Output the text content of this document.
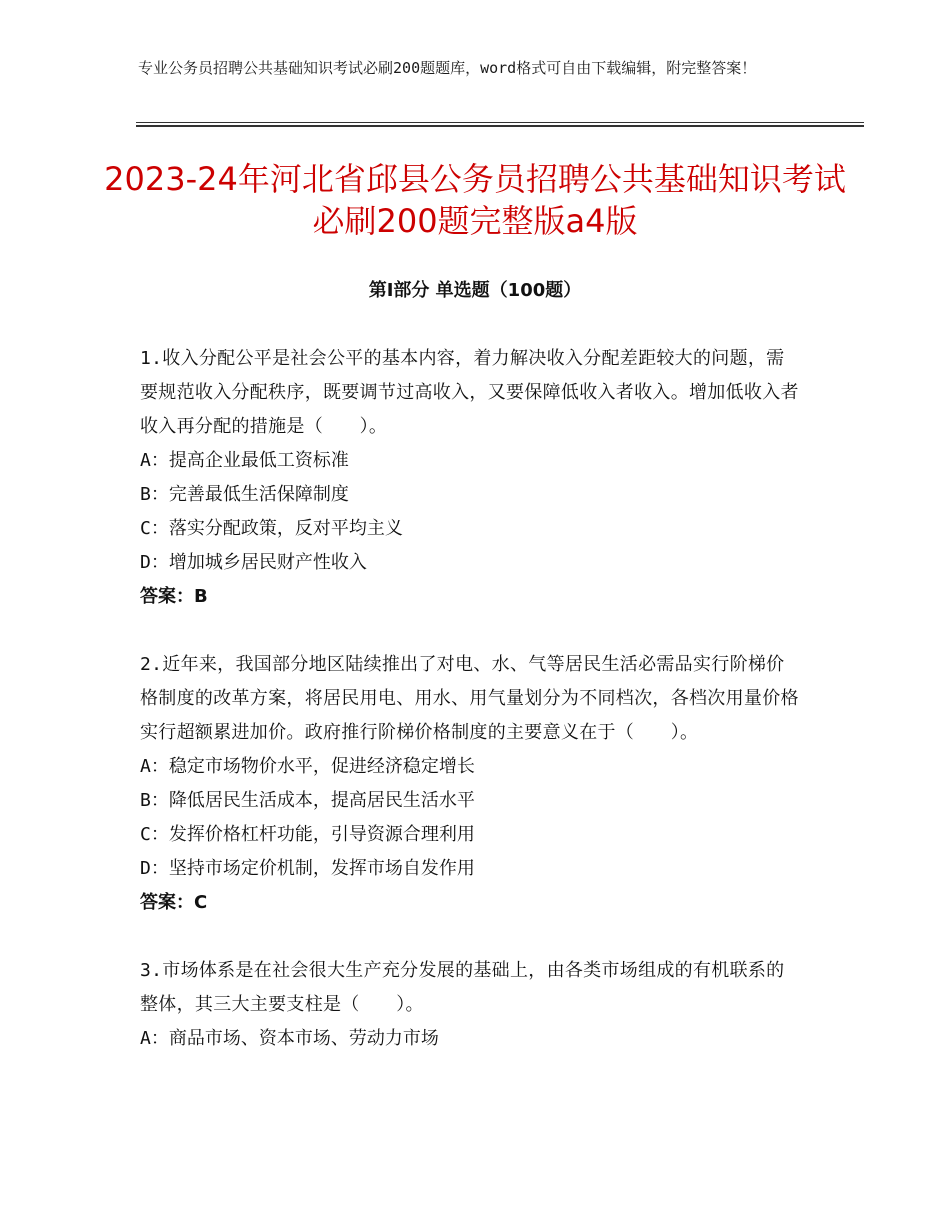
专业公务员招聘公共基础知识考试必刷200题题库，word格式可自由下载编辑，附完整答案！
2023-24年河北省邱县公务员招聘公共基础知识考试必刷200题完整版a4版
第Ⅰ部分 单选题（100题）
1.收入分配公平是社会公平的基本内容，着力解决收入分配差距较大的问题，需要规范收入分配秩序，既要调节过高收入，又要保障低收入者收入。增加低收入者收入再分配的措施是（　　）。
A：提高企业最低工资标准
B：完善最低生活保障制度
C：落实分配政策，反对平均主义
D：增加城乡居民财产性收入
答案：B
2.近年来，我国部分地区陆续推出了对电、水、气等居民生活必需品实行阶梯价格制度的改革方案，将居民用电、用水、用气量划分为不同档次，各档次用量价格实行超额累进加价。政府推行阶梯价格制度的主要意义在于（　　）。
A：稳定市场物价水平，促进经济稳定增长
B：降低居民生活成本，提高居民生活水平
C：发挥价格杠杆功能，引导资源合理利用
D：坚持市场定价机制，发挥市场自发作用
答案：C
3.市场体系是在社会很大生产充分发展的基础上，由各类市场组成的有机联系的整体，其三大主要支柱是（　　）。
A：商品市场、资本市场、劳动力市场
